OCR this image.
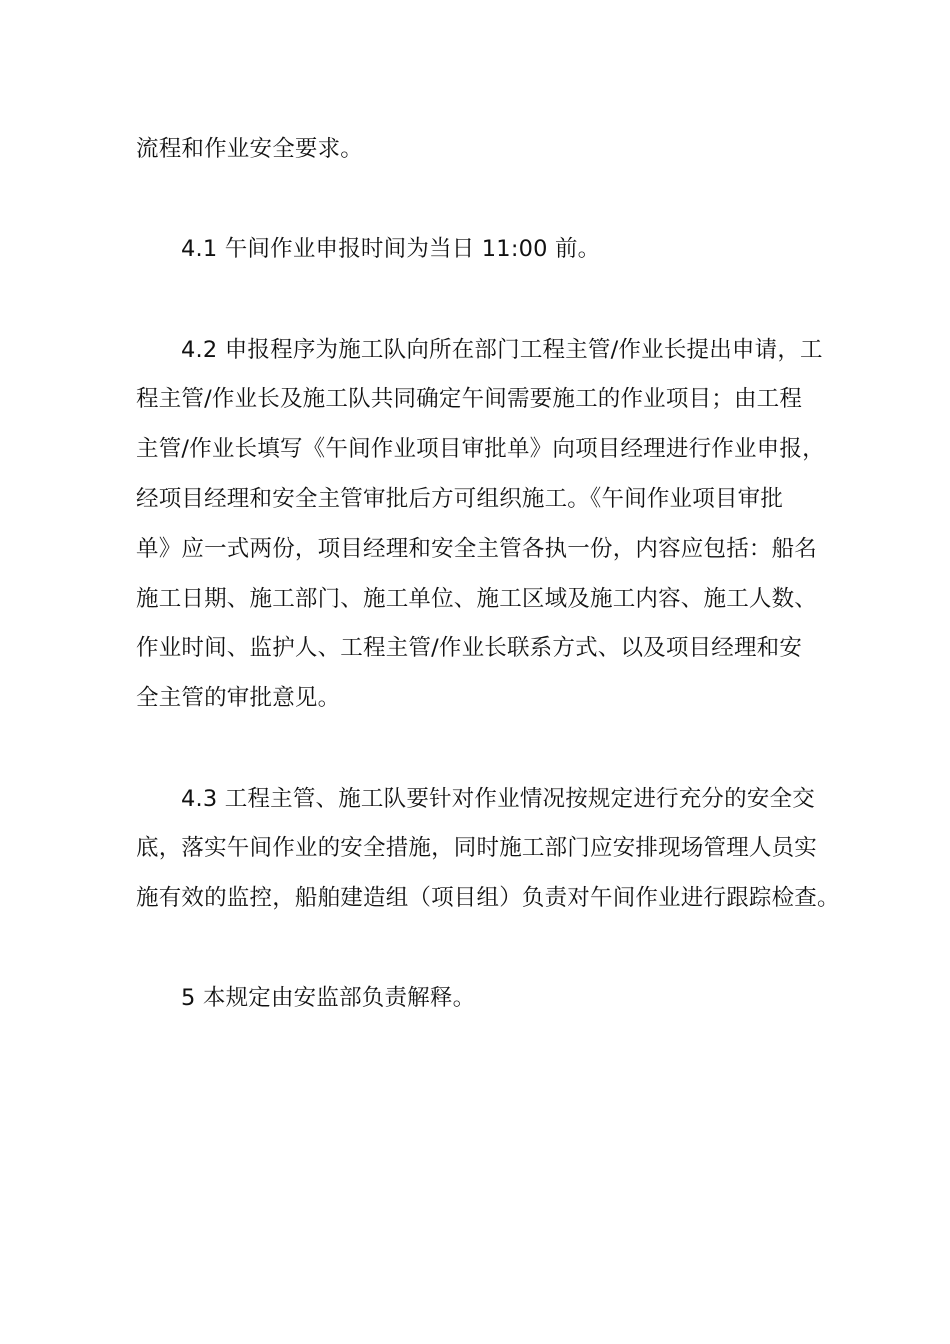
流程和作业安全要求。

4.1 午间作业申报时间为当日 11:00 前。

4.2 申报程序为施工队向所在部门工程主管/作业长提出申请，工

程主管/作业长及施工队共同确定午间需要施工的作业项目；由工程

主管/作业长填写《午间作业项目审批单》向项目经理进行作业申报，

经项目经理和安全主管审批后方可组织施工。《午间作业项目审批

单》应一式两份，项目经理和安全主管各执一份，内容应包括：船名

施工日期、施工部门、施工单位、施工区域及施工内容、施工人数、

作业时间、监护人、工程主管/作业长联系方式、以及项目经理和安

全主管的审批意见。

4.3 工程主管、施工队要针对作业情况按规定进行充分的安全交

底，落实午间作业的安全措施，同时施工部门应安排现场管理人员实

施有效的监控，船舶建造组（项目组）负责对午间作业进行跟踪检查。

5 本规定由安监部负责解释。
